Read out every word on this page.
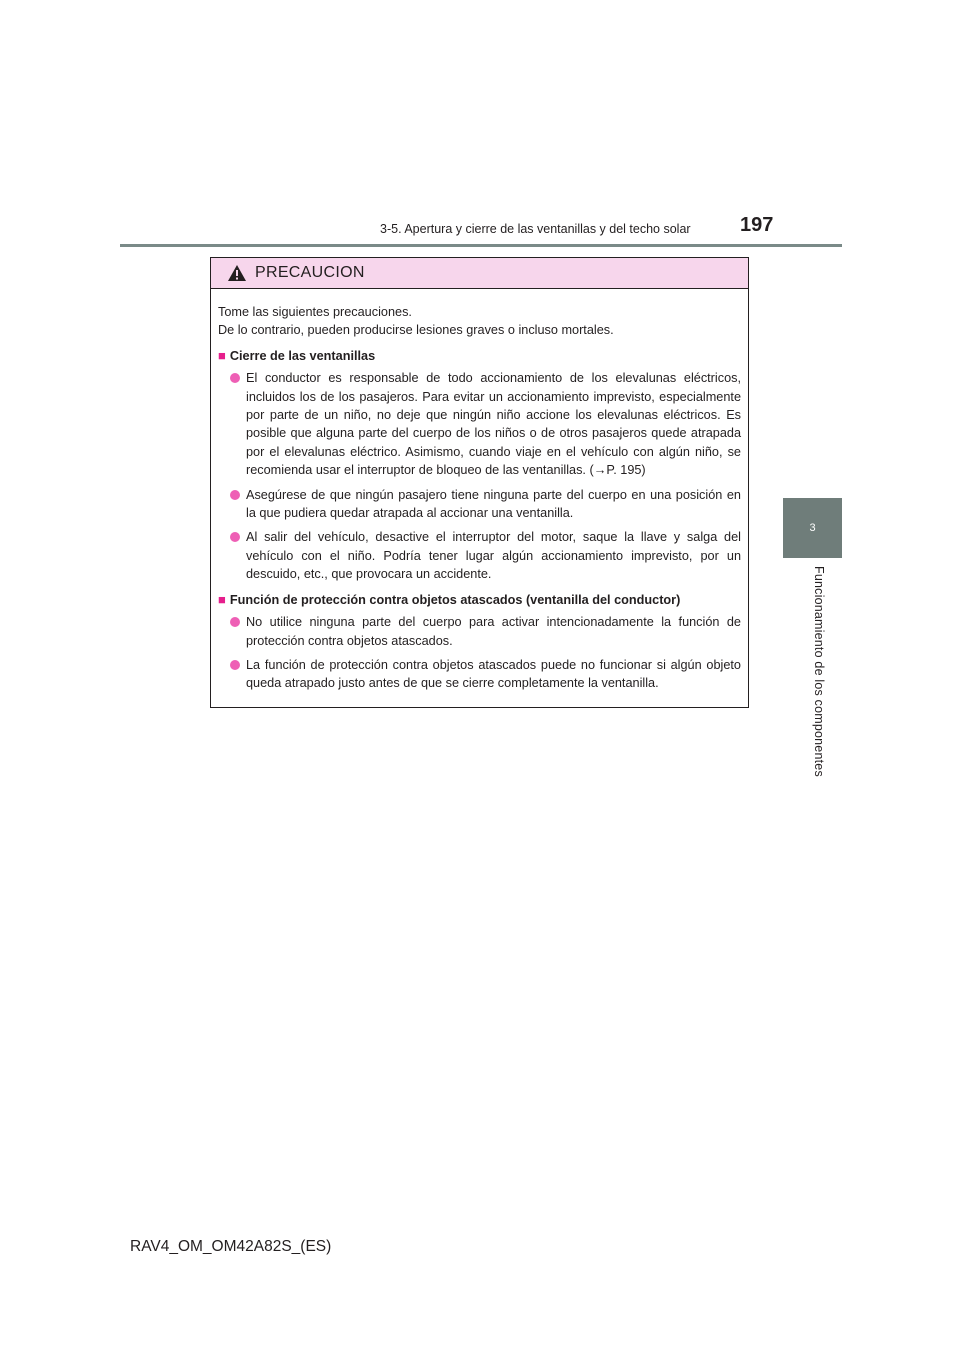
3-5. Apertura y cierre de las ventanillas y del techo solar 197
3
Funcionamiento de los componentes
PRECAUCION

Tome las siguientes precauciones.

De lo contrario, pueden producirse lesiones graves o incluso mortales.

■ Cierre de las ventanillas

El conductor es responsable de todo accionamiento de los elevalunas eléctricos, incluidos los de los pasajeros. Para evitar un accionamiento imprevisto, especialmente por parte de un niño, no deje que ningún niño accione los elevalunas eléctricos. Es posible que alguna parte del cuerpo de los niños o de otros pasajeros quede atrapada por el elevalunas eléctrico. Asimismo, cuando viaje en el vehículo con algún niño, se recomienda usar el interruptor de bloqueo de las ventanillas. (→P. 195)

Asegúrese de que ningún pasajero tiene ninguna parte del cuerpo en una posición en la que pudiera quedar atrapada al accionar una ventanilla.

Al salir del vehículo, desactive el interruptor del motor, saque la llave y salga del vehículo con el niño. Podría tener lugar algún accionamiento imprevisto, por un descuido, etc., que provocara un accidente.

■ Función de protección contra objetos atascados (ventanilla del conductor)

No utilice ninguna parte del cuerpo para activar intencionadamente la función de protección contra objetos atascados.

La función de protección contra objetos atascados puede no funcionar si algún objeto queda atrapado justo antes de que se cierre completamente la ventanilla.

RAV4_OM_OM42A82S_(ES)
